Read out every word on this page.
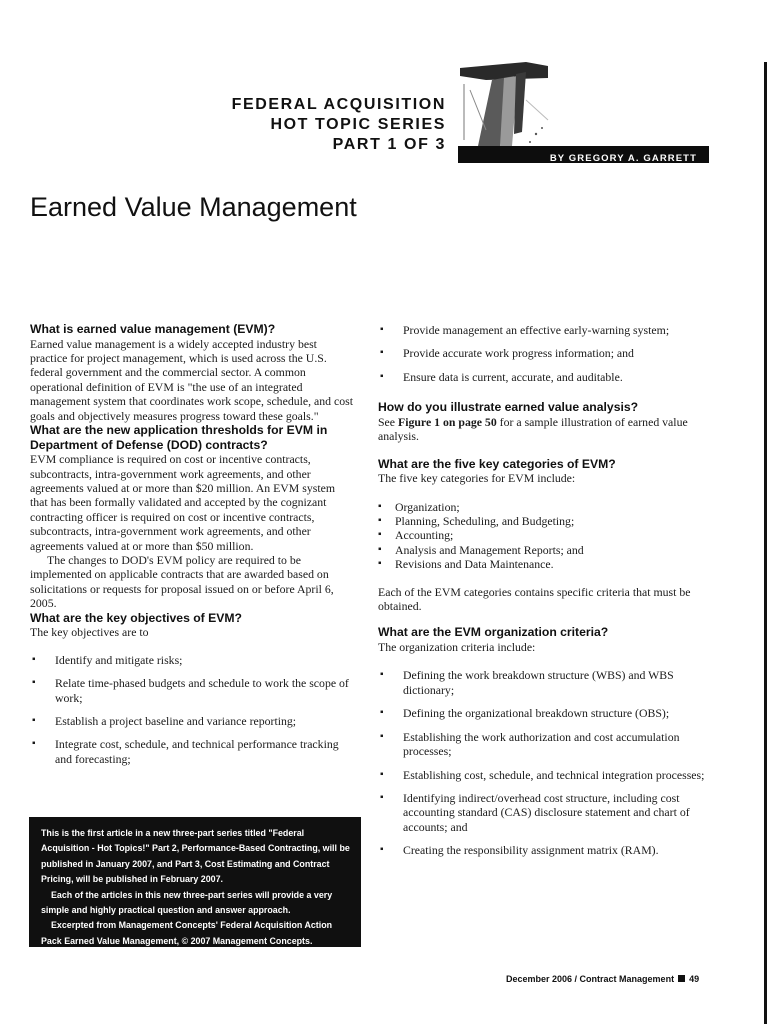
FEDERAL ACQUISITION
HOT TOPIC SERIES
PART 1 OF 3
BY GREGORY A. GARRETT
Earned Value Management
What is earned value management (EVM)?

Earned value management is a widely accepted industry best practice for project management, which is used across the U.S. federal government and the commercial sector. A common operational definition of EVM is "the use of an integrated management system that coordinates work scope, schedule, and cost goals and objectively measures progress toward these goals."

What are the new application thresholds for EVM in Department of Defense (DOD) contracts?

EVM compliance is required on cost or incentive contracts, subcontracts, intra-government work agreements, and other agreements valued at or more than $20 million. An EVM system that has been formally validated and accepted by the cognizant contracting officer is required on cost or incentive contracts, subcontracts, intra-government work agreements, and other agreements valued at or more than $50 million.

The changes to DOD's EVM policy are required to be implemented on applicable contracts that are awarded based on solicitations or requests for proposal issued on or before April 6, 2005.

What are the key objectives of EVM?

The key objectives are to

▪ Identify and mitigate risks;
▪ Relate time-phased budgets and schedule to work the scope of work;
▪ Establish a project baseline and variance reporting;
▪ Integrate cost, schedule, and technical performance tracking and forecasting;

This is the first article in a new three-part series titled "Federal Acquisition - Hot Topics!" Part 2, Performance-Based Contracting, will be published in January 2007, and Part 3, Cost Estimating and Contract Pricing, will be published in February 2007.

Each of the articles in this new three-part series will provide a very simple and highly practical question and answer approach.

Excerpted from Management Concepts' Federal Acquisition Action Pack Earned Value Management, © 2007 Management Concepts.

▪ Provide management an effective early-warning system;
▪ Provide accurate work progress information; and
▪ Ensure data is current, accurate, and auditable.
How do you illustrate earned value analysis?

See Figure 1 on page 50 for a sample illustration of earned value analysis.

What are the five key categories of EVM?

The five key categories for EVM include:

▪ Organization;
▪ Planning, Scheduling, and Budgeting;
▪ Accounting;
▪ Analysis and Management Reports; and
▪ Revisions and Data Maintenance.

Each of the EVM categories contains specific criteria that must be obtained.

What are the EVM organization criteria?

The organization criteria include:

▪ Defining the work breakdown structure (WBS) and WBS dictionary;
▪ Defining the organizational breakdown structure (OBS);
▪ Establishing the work authorization and cost accumulation processes;
▪ Establishing cost, schedule, and technical integration processes;
▪ Identifying indirect/overhead cost structure, including cost accounting standard (CAS) disclosure statement and chart of accounts; and
▪ Creating the responsibility assignment matrix (RAM).
December 2006 / Contract Management 49
